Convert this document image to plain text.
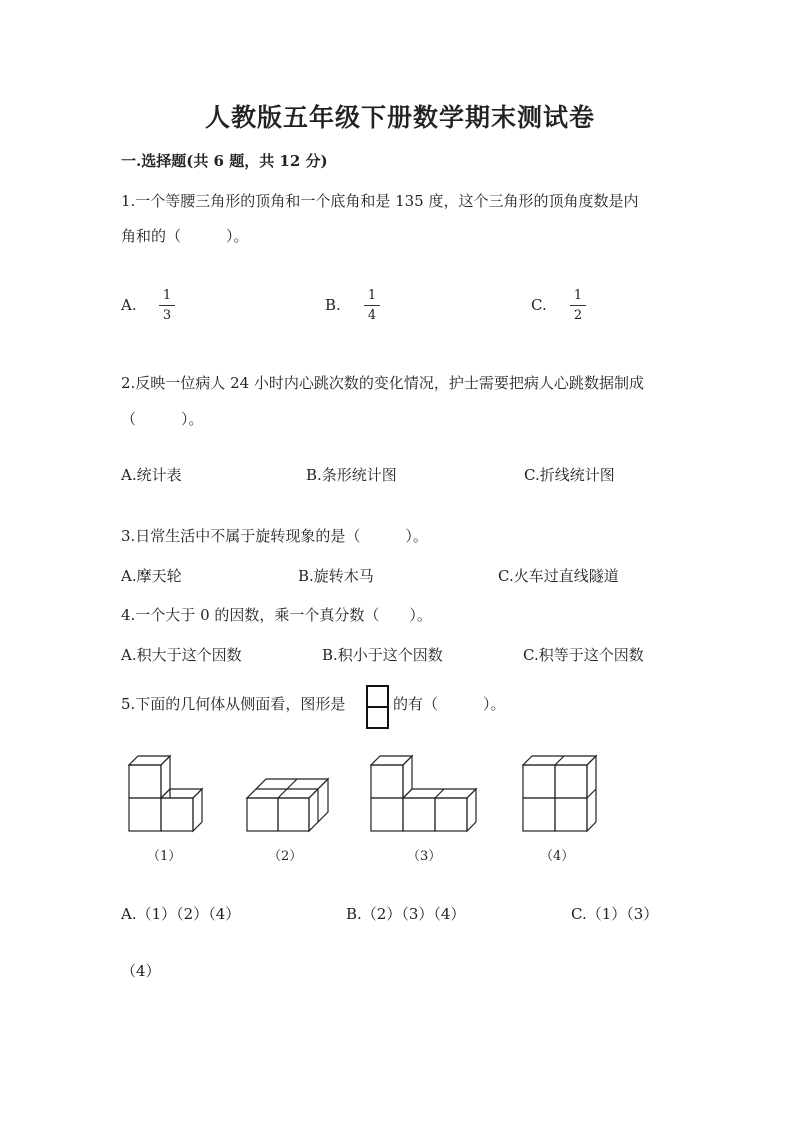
人教版五年级下册数学期末测试卷
一.选择题(共 6 题，共 12 分)
1.一个等腰三角形的顶角和一个底角和是 135 度，这个三角形的顶角度数是内
角和的（　　　）。
A.
1
3
B.
1
4
C.
1
2
2.反映一位病人 24 小时内心跳次数的变化情况，护士需要把病人心跳数据制成
（　　　）。
A.统计表	B.条形统计图	C.折线统计图
3.日常生活中不属于旋转现象的是（　　　）。
A.摩天轮	B.旋转木马	C.火车过直线隧道
4.一个大于 0 的因数，乘一个真分数（　　）。
A.积大于这个因数	B.积小于这个因数	C.积等于这个因数
5.下面的几何体从侧面看，图形是	的有（　　　）。
（1）	（2）	（3）	（4）
A.（1）（2）（4）	B.（2）（3）（4）	C.（1）（3）
（4）
